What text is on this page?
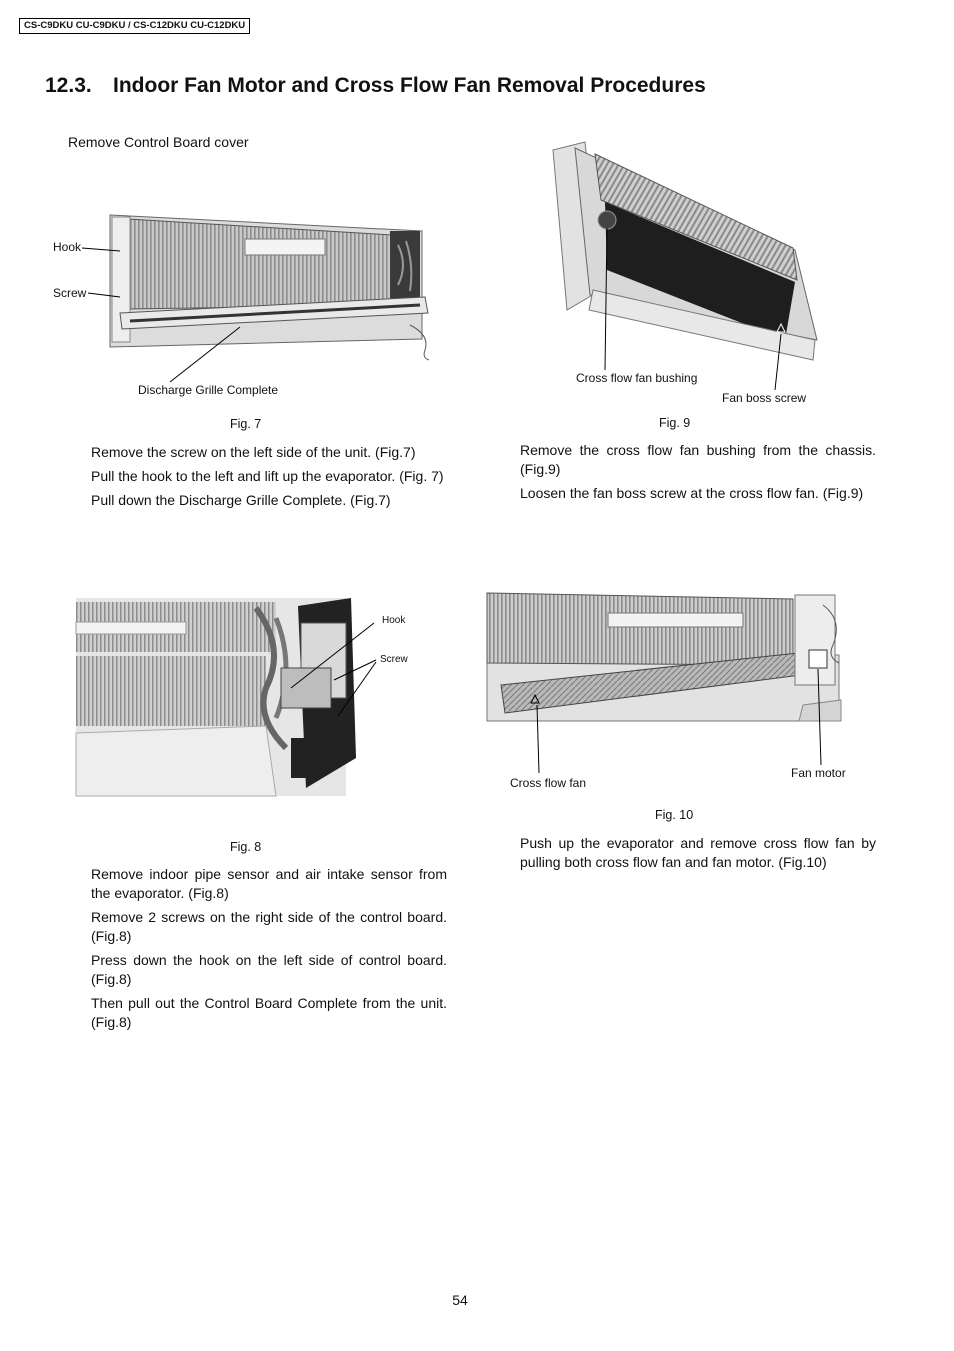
CS-C9DKU CU-C9DKU / CS-C12DKU CU-C12DKU
12.3. Indoor Fan Motor and Cross Flow Fan Removal Procedures
Remove Control Board cover
Hook
Screw
Discharge Grille Complete
Fig. 7

Remove the screw on the left side of the unit. (Fig.7)

Pull the hook to the left and lift up the evaporator. (Fig. 7)

Pull down the Discharge Grille Complete. (Fig.7)

Cross flow fan bushing
Fan boss screw
Fig. 9

Remove the cross flow fan bushing from the chassis. (Fig.9)

Loosen the fan boss screw at the cross flow fan. (Fig.9)

Hook
Screw
Fig. 8

Remove indoor pipe sensor and air intake sensor from the evaporator. (Fig.8)

Remove 2 screws on the right side of the control board. (Fig.8)

Press down the hook on the left side of control board. (Fig.8)

Then pull out the Control Board Complete from the unit. (Fig.8)

Cross flow fan
Fan motor
Fig. 10

Push up the evaporator and remove cross flow fan by pulling both cross flow fan and fan motor. (Fig.10)

54
